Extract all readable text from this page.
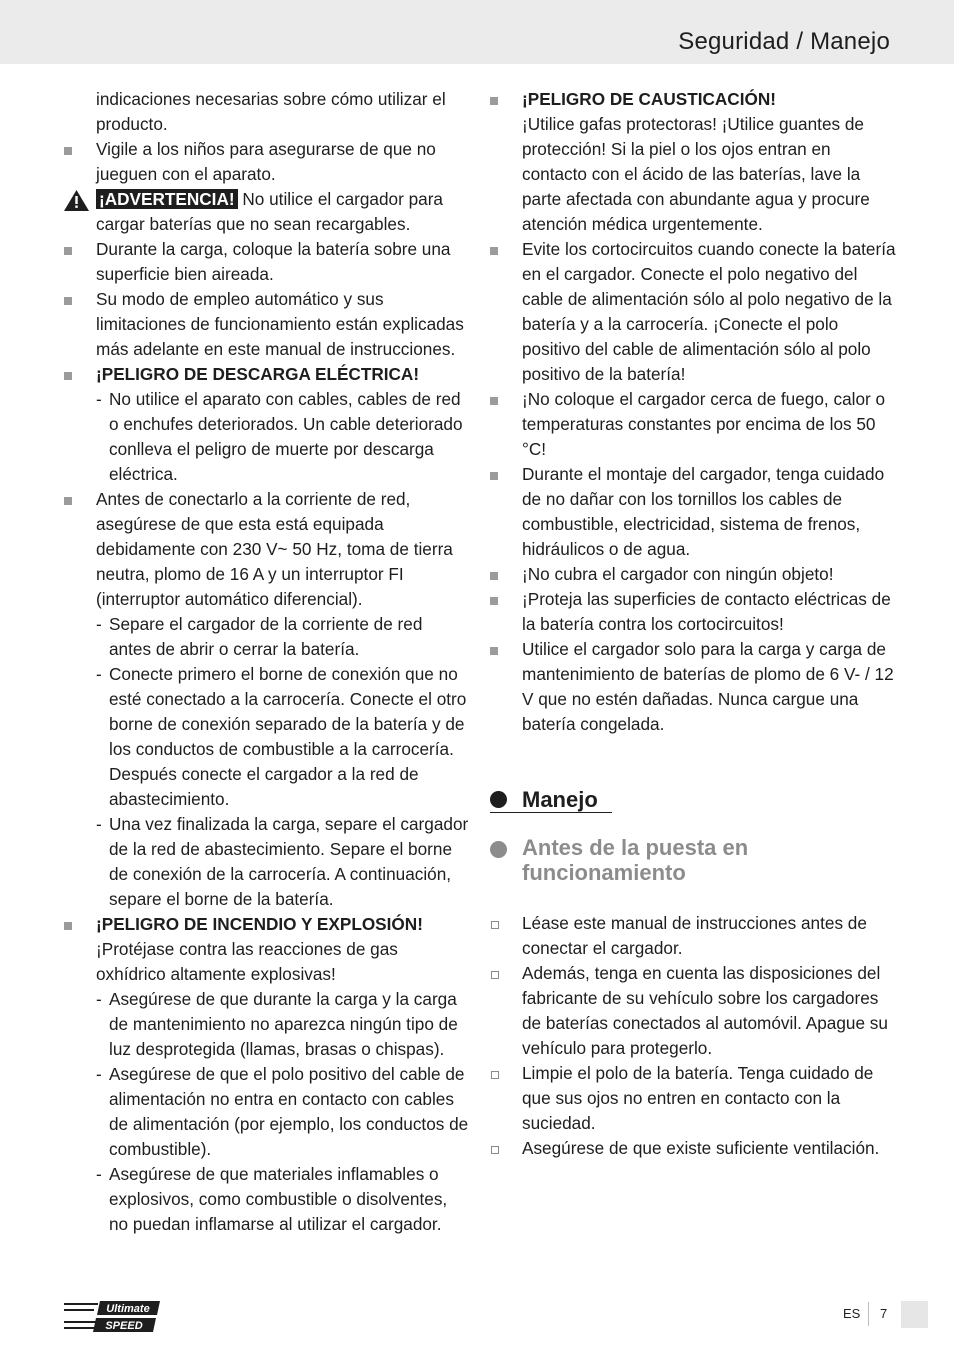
Seguridad / Manejo
indicaciones necesarias sobre cómo utilizar el producto.
Vigile a los niños para asegurarse de que no jueguen con el aparato.
¡ADVERTENCIA! No utilice el cargador para cargar baterías que no sean recargables.
Durante la carga, coloque la batería sobre una superficie bien aireada.
Su modo de empleo automático y sus limitaciones de funcionamiento están explicadas más adelante en este manual de instrucciones.
¡PELIGRO DE DESCARGA ELÉCTRICA!
- No utilice el aparato con cables, cables de red o enchufes deteriorados. Un cable deteriorado conlleva el peligro de muerte por descarga eléctrica.
Antes de conectarlo a la corriente de red, asegúrese de que esta está equipada debidamente con 230 V~ 50 Hz, toma de tierra neutra, plomo de 16 A y un interruptor FI (interruptor automático diferencial).
- Separe el cargador de la corriente de red antes de abrir o cerrar la batería.
- Conecte primero el borne de conexión que no esté conectado a la carrocería. Conecte el otro borne de conexión separado de la batería y de los conductos de combustible a la carrocería. Después conecte el cargador a la red de abastecimiento.
- Una vez finalizada la carga, separe el cargador de la red de abastecimiento. Separe el borne de conexión de la carrocería. A continuación, separe el borne de la batería.
¡PELIGRO DE INCENDIO Y EXPLOSIÓN!
¡Protéjase contra las reacciones de gas oxhídrico altamente explosivas!
- Asegúrese de que durante la carga y la carga de mantenimiento no aparezca ningún tipo de luz desprotegida (llamas, brasas o chispas).
- Asegúrese de que el polo positivo del cable de alimentación no entra en contacto con cables de alimentación (por ejemplo, los conductos de combustible).
- Asegúrese de que materiales inflamables o explosivos, como combustible o disolventes, no puedan inflamarse al utilizar el cargador.
¡PELIGRO DE CAUSTICACIÓN!
¡Utilice gafas protectoras! ¡Utilice guantes de protección! Si la piel o los ojos entran en contacto con el ácido de las baterías, lave la parte afectada con abundante agua y procure atención médica urgentemente.
Evite los cortocircuitos cuando conecte la batería en el cargador. Conecte el polo negativo del cable de alimentación sólo al polo negativo de la batería y a la carrocería. ¡Conecte el polo positivo del cable de alimentación sólo al polo positivo de la batería!
¡No coloque el cargador cerca de fuego, calor o temperaturas constantes por encima de los 50 °C!
Durante el montaje del cargador, tenga cuidado de no dañar con los tornillos los cables de combustible, electricidad, sistema de frenos, hidráulicos o de agua.
¡No cubra el cargador con ningún objeto!
¡Proteja las superficies de contacto eléctricas de la batería contra los cortocircuitos!
Utilice el cargador solo para la carga y carga de mantenimiento de baterías de plomo de 6 V- / 12 V que no estén dañadas. Nunca cargue una batería congelada.
Manejo
Antes de la puesta en funcionamiento
Léase este manual de instrucciones antes de conectar el cargador.
Además, tenga en cuenta las disposiciones del fabricante de su vehículo sobre los cargadores de baterías conectados al automóvil. Apague su vehículo para protegerlo.
Limpie el polo de la batería. Tenga cuidado de que sus ojos no entren en contacto con la suciedad.
Asegúrese de que existe suficiente ventilación.
Ultimate
SPEED
ES 7
